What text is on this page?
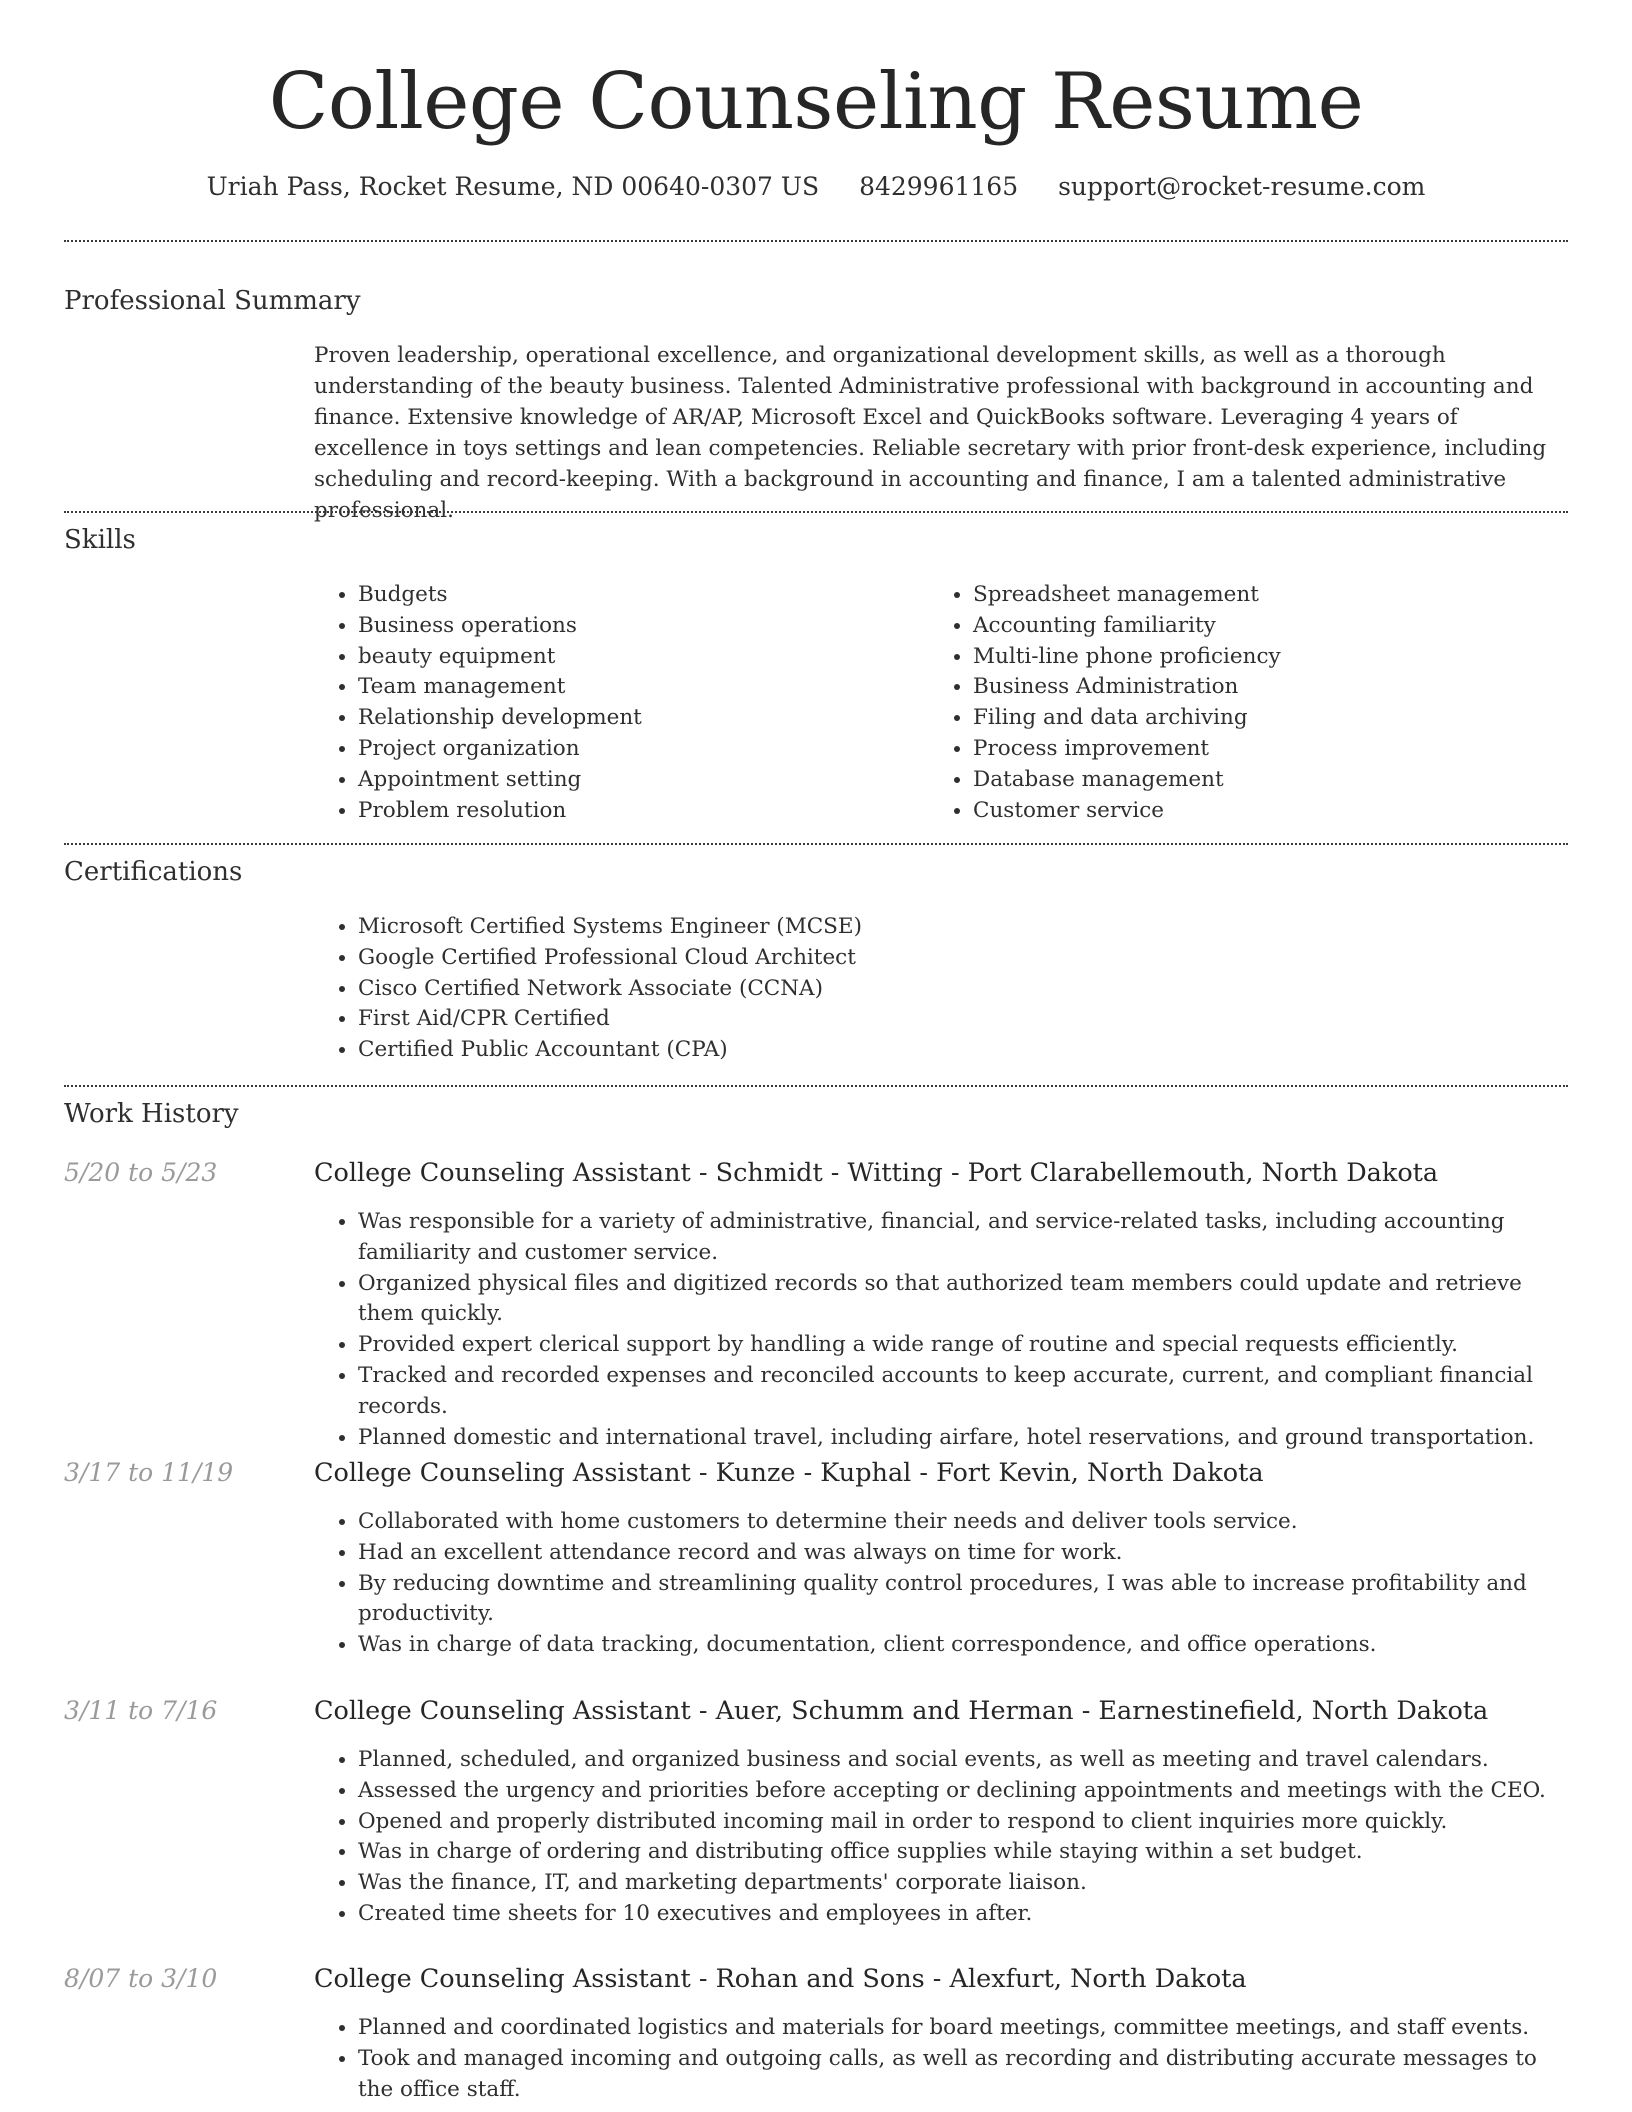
College Counseling Resume
Uriah Pass, Rocket Resume, ND 00640-0307 US 8429961165 support@rocket-resume.com
Professional Summary

Proven leadership, operational excellence, and organizational development skills, as well as a thorough understanding of the beauty business. Talented Administrative professional with background in accounting and finance. Extensive knowledge of AR/AP, Microsoft Excel and QuickBooks software. Leveraging 4 years of excellence in toys settings and lean competencies. Reliable secretary with prior front-desk experience, including scheduling and record-keeping. With a background in accounting and finance, I am a talented administrative professional.

Skills
• Budgets
• Business operations
• beauty equipment
• Team management
• Relationship development
• Project organization
• Appointment setting
• Problem resolution
• Spreadsheet management
• Accounting familiarity
• Multi-line phone proficiency
• Business Administration
• Filing and data archiving
• Process improvement
• Database management
• Customer service
Certifications
• Microsoft Certified Systems Engineer (MCSE)
• Google Certified Professional Cloud Architect
• Cisco Certified Network Associate (CCNA)
• First Aid/CPR Certified
• Certified Public Accountant (CPA)
Work History
5/20 to 5/23	College Counseling Assistant - Schmidt - Witting - Port Clarabellemouth, North Dakota
• Was responsible for a variety of administrative, financial, and service-related tasks, including accounting familiarity and customer service.
• Organized physical files and digitized records so that authorized team members could update and retrieve them quickly.
• Provided expert clerical support by handling a wide range of routine and special requests efficiently.
• Tracked and recorded expenses and reconciled accounts to keep accurate, current, and compliant financial records.
• Planned domestic and international travel, including airfare, hotel reservations, and ground transportation.
3/17 to 11/19	College Counseling Assistant - Kunze - Kuphal - Fort Kevin, North Dakota
• Collaborated with home customers to determine their needs and deliver tools service.
• Had an excellent attendance record and was always on time for work.
• By reducing downtime and streamlining quality control procedures, I was able to increase profitability and productivity.
• Was in charge of data tracking, documentation, client correspondence, and office operations.
3/11 to 7/16	College Counseling Assistant - Auer, Schumm and Herman - Earnestinefield, North Dakota
• Planned, scheduled, and organized business and social events, as well as meeting and travel calendars.
• Assessed the urgency and priorities before accepting or declining appointments and meetings with the CEO.
• Opened and properly distributed incoming mail in order to respond to client inquiries more quickly.
• Was in charge of ordering and distributing office supplies while staying within a set budget.
• Was the finance, IT, and marketing departments' corporate liaison.
• Created time sheets for 10 executives and employees in after.
8/07 to 3/10	College Counseling Assistant - Rohan and Sons - Alexfurt, North Dakota
• Planned and coordinated logistics and materials for board meetings, committee meetings, and staff events.
• Took and managed incoming and outgoing calls, as well as recording and distributing accurate messages to the office staff.
